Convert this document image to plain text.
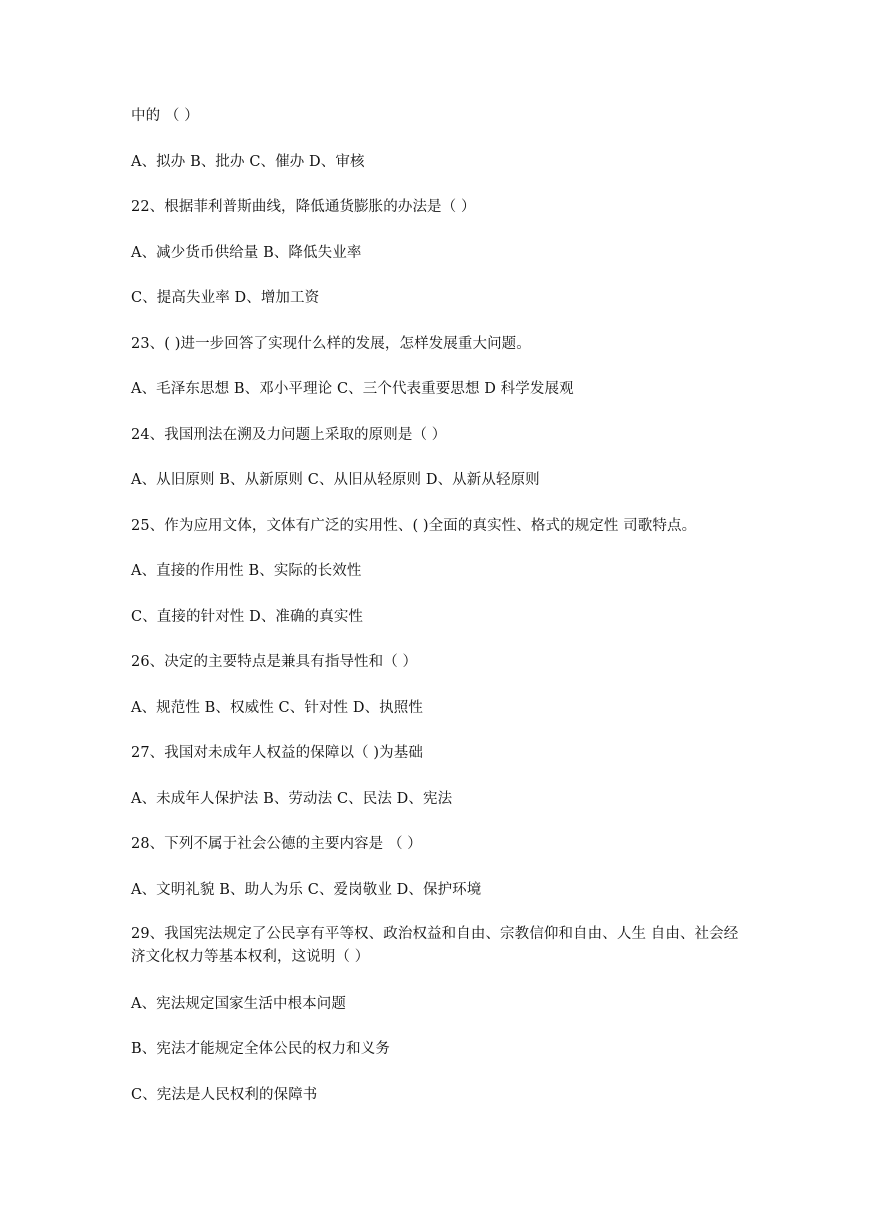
中的 （ ）
A、拟办 B、批办 C、催办 D、审核
22、根据菲利普斯曲线，降低通货膨胀的办法是（ ）
A、减少货币供给量 B、降低失业率
C、提高失业率 D、增加工资
23、( )进一步回答了实现什么样的发展，怎样发展重大问题。
A、毛泽东思想 B、邓小平理论 C、三个代表重要思想 D 科学发展观
24、我国刑法在溯及力问题上采取的原则是（ ）
A、从旧原则 B、从新原则 C、从旧从轻原则 D、从新从轻原则
25、作为应用文体，文体有广泛的实用性、( )全面的真实性、格式的规定性 司歌特点。
A、直接的作用性 B、实际的长效性
C、直接的针对性 D、准确的真实性
26、决定的主要特点是兼具有指导性和（ ）
A、规范性 B、权威性 C、针对性 D、执照性
27、我国对未成年人权益的保障以（ )为基础
A、未成年人保护法 B、劳动法 C、民法 D、宪法
28、下列不属于社会公德的主要内容是 （ ）
A、文明礼貌 B、助人为乐 C、爱岗敬业 D、保护环境
29、我国宪法规定了公民享有平等权、政治权益和自由、宗教信仰和自由、人生 自由、社会经济文化权力等基本权利，这说明（ ）
A、宪法规定国家生活中根本问题
B、宪法才能规定全体公民的权力和义务
C、宪法是人民权利的保障书
